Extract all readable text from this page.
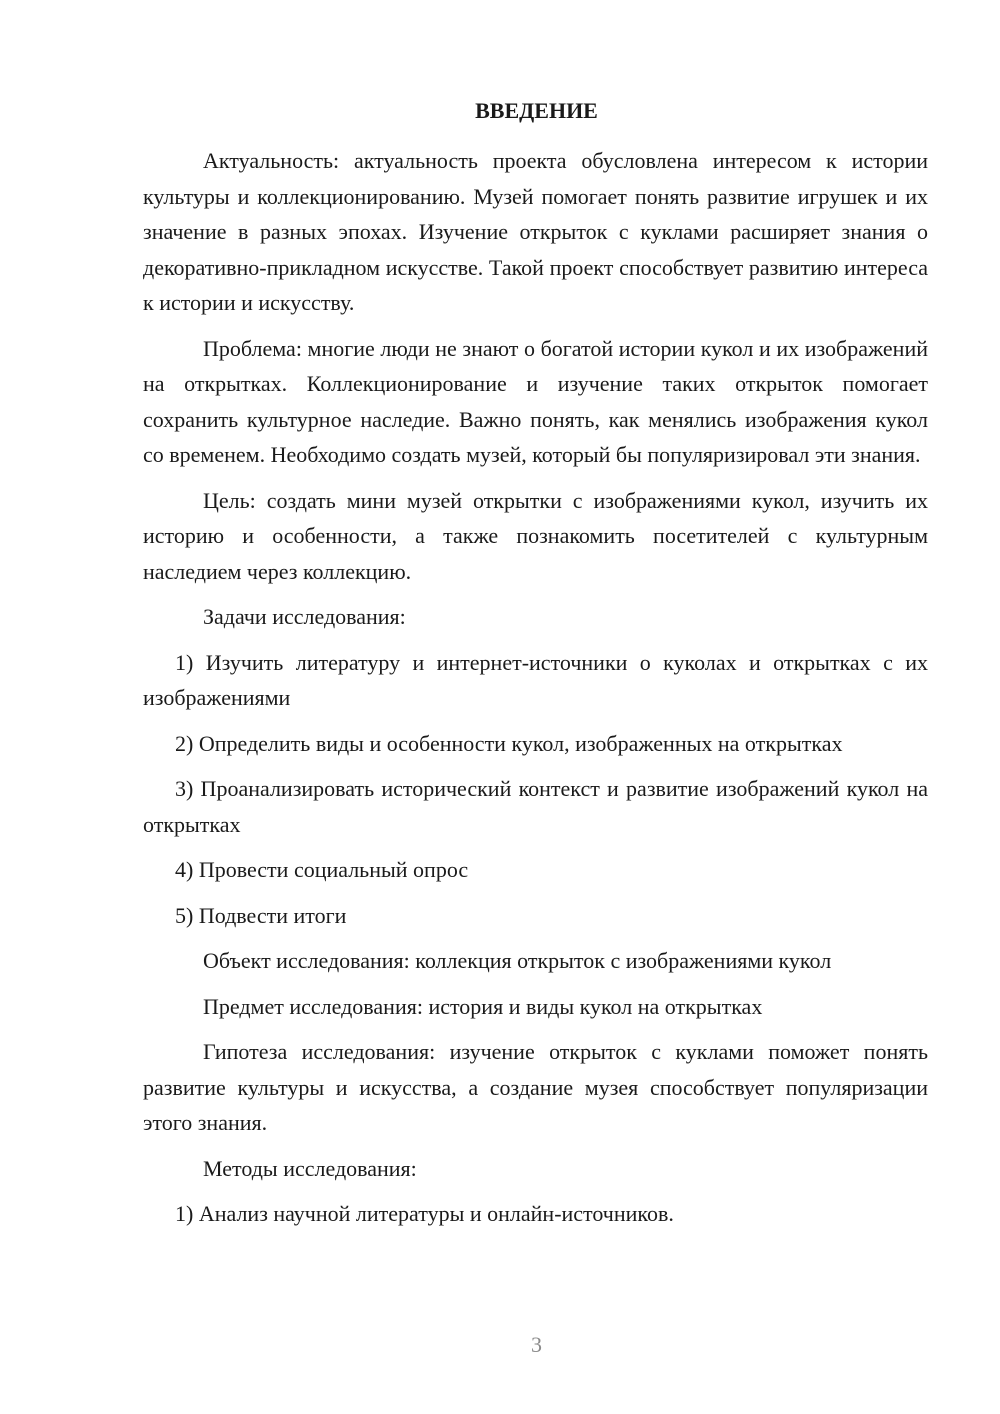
ВВЕДЕНИЕ

Актуальность: актуальность проекта обусловлена интересом к истории культуры и коллекционированию. Музей помогает понять развитие игрушек и их значение в разных эпохах. Изучение открыток с куклами расширяет знания о декоративно-прикладном искусстве. Такой проект способствует развитию интереса к истории и искусству.

Проблема: многие люди не знают о богатой истории кукол и их изображений на открытках. Коллекционирование и изучение таких открыток помогает сохранить культурное наследие. Важно понять, как менялись изображения кукол со временем. Необходимо создать музей, который бы популяризировал эти знания.

Цель: создать мини музей открытки с изображениями кукол, изучить их историю и особенности, а также познакомить посетителей с культурным наследием через коллекцию.

Задачи исследования:

1) Изучить литературу и интернет-источники о куколах и открытках с их изображениями

2) Определить виды и особенности кукол, изображенных на открытках

3) Проанализировать исторический контекст и развитие изображений кукол на открытках

4) Провести социальный опрос

5) Подвести итоги

Объект исследования: коллекция открыток с изображениями кукол

Предмет исследования: история и виды кукол на открытках

Гипотеза исследования: изучение открыток с куклами поможет понять развитие культуры и искусства, а создание музея способствует популяризации этого знания.

Методы исследования:

1) Анализ научной литературы и онлайн-источников.

3
